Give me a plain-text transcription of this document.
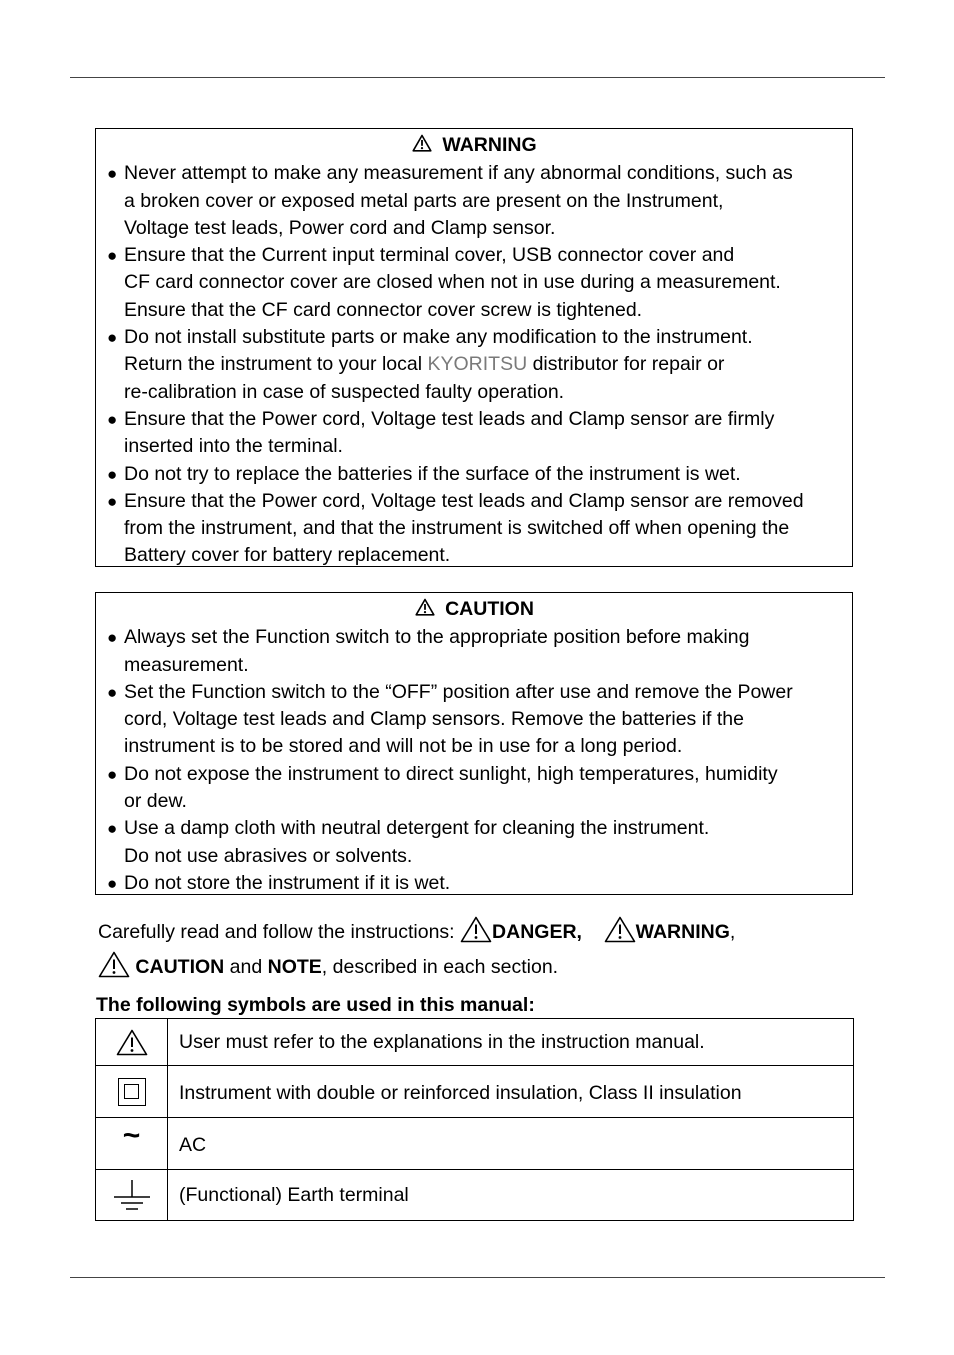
WARNING
● Never attempt to make any measurement if any abnormal conditions, such as
a broken cover or exposed metal parts are present on the Instrument,
Voltage test leads, Power cord and Clamp sensor.
● Ensure that the Current input terminal cover, USB connector cover and
CF card connector cover are closed when not in use during a measurement.
Ensure that the CF card connector cover screw is tightened.
● Do not install substitute parts or make any modification to the instrument.
Return the instrument to your local KYORITSU distributor for repair or
re-calibration in case of suspected faulty operation.
● Ensure that the Power cord, Voltage test leads and Clamp sensor are firmly
inserted into the terminal.
● Do not try to replace the batteries if the surface of the instrument is wet.
● Ensure that the Power cord, Voltage test leads and Clamp sensor are removed
from the instrument, and that the instrument is switched off when opening the
Battery cover for battery replacement.
CAUTION
● Always set the Function switch to the appropriate position before making
measurement.
● Set the Function switch to the “OFF” position after use and remove the Power
cord, Voltage test leads and Clamp sensors. Remove the batteries if the
instrument is to be stored and will not be in use for a long period.
● Do not expose the instrument to direct sunlight, high temperatures, humidity
or dew.
● Use a damp cloth with neutral detergent for cleaning the instrument.
Do not use abrasives or solvents.
● Do not store the instrument if it is wet.
Carefully read and follow the instructions: DANGER,	WARNING,
CAUTION and NOTE, described in each section.
The following symbols are used in this manual:
	User must refer to the explanations in the instruction manual.

	Instrument with double or reinforced insulation, Class II insulation
~	AC
	(Functional) Earth terminal
